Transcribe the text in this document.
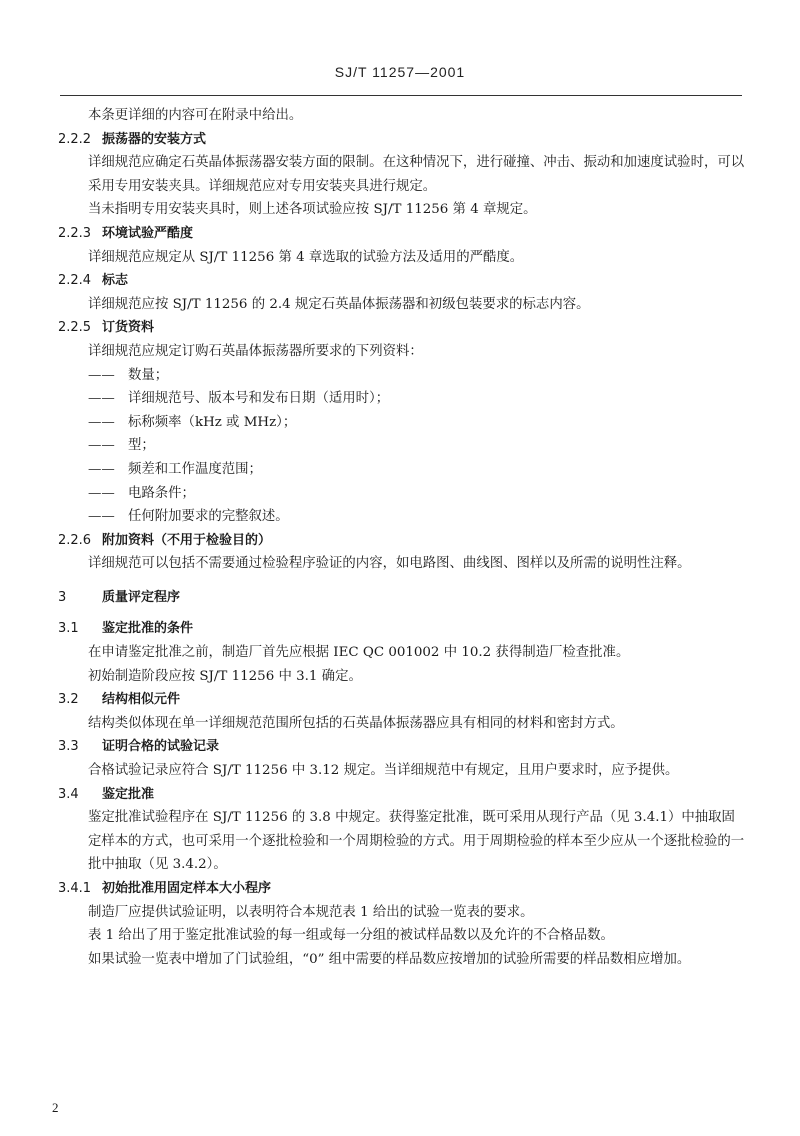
SJ/T 11257—2001

本条更详细的内容可在附录中给出。

2.2.2 振荡器的安装方式

详细规范应确定石英晶体振荡器安装方面的限制。在这种情况下，进行碰撞、冲击、振动和加速度试验时，可以采用专用安装夹具。详细规范应对专用安装夹具进行规定。

当未指明专用安装夹具时，则上述各项试验应按 SJ/T 11256 第 4 章规定。

2.2.3 环境试验严酷度

详细规范应规定从 SJ/T 11256 第 4 章选取的试验方法及适用的严酷度。

2.2.4 标志

详细规范应按 SJ/T 11256 的 2.4 规定石英晶体振荡器和初级包装要求的标志内容。

2.2.5 订货资料

详细规范应规定订购石英晶体振荡器所要求的下列资料：

—— 数量；

—— 详细规范号、版本号和发布日期（适用时）；

—— 标称频率（kHz 或 MHz）；

—— 型；

—— 频差和工作温度范围；

—— 电路条件；

—— 任何附加要求的完整叙述。

2.2.6 附加资料（不用于检验目的）

详细规范可以包括不需要通过检验程序验证的内容，如电路图、曲线图、图样以及所需的说明性注释。

3	质量评定程序

3.1 鉴定批准的条件

在申请鉴定批准之前，制造厂首先应根据 IEC QC 001002 中 10.2 获得制造厂检查批准。

初始制造阶段应按 SJ/T 11256 中 3.1 确定。

3.2 结构相似元件

结构类似体现在单一详细规范范围所包括的石英晶体振荡器应具有相同的材料和密封方式。

3.3 证明合格的试验记录

合格试验记录应符合 SJ/T 11256 中 3.12 规定。当详细规范中有规定，且用户要求时，应予提供。

3.4 鉴定批准

鉴定批准试验程序在 SJ/T 11256 的 3.8 中规定。获得鉴定批准，既可采用从现行产品（见 3.4.1）中抽取固定样本的方式，也可采用一个逐批检验和一个周期检验的方式。用于周期检验的样本至少应从一个逐批检验的一批中抽取（见 3.4.2）。

3.4.1 初始批准用固定样本大小程序

制造厂应提供试验证明，以表明符合本规范表 1 给出的试验一览表的要求。

表 1 给出了用于鉴定批准试验的每一组或每一分组的被试样品数以及允许的不合格品数。

如果试验一览表中增加了门试验组，“0” 组中需要的样品数应按增加的试验所需要的样品数相应增加。

2
